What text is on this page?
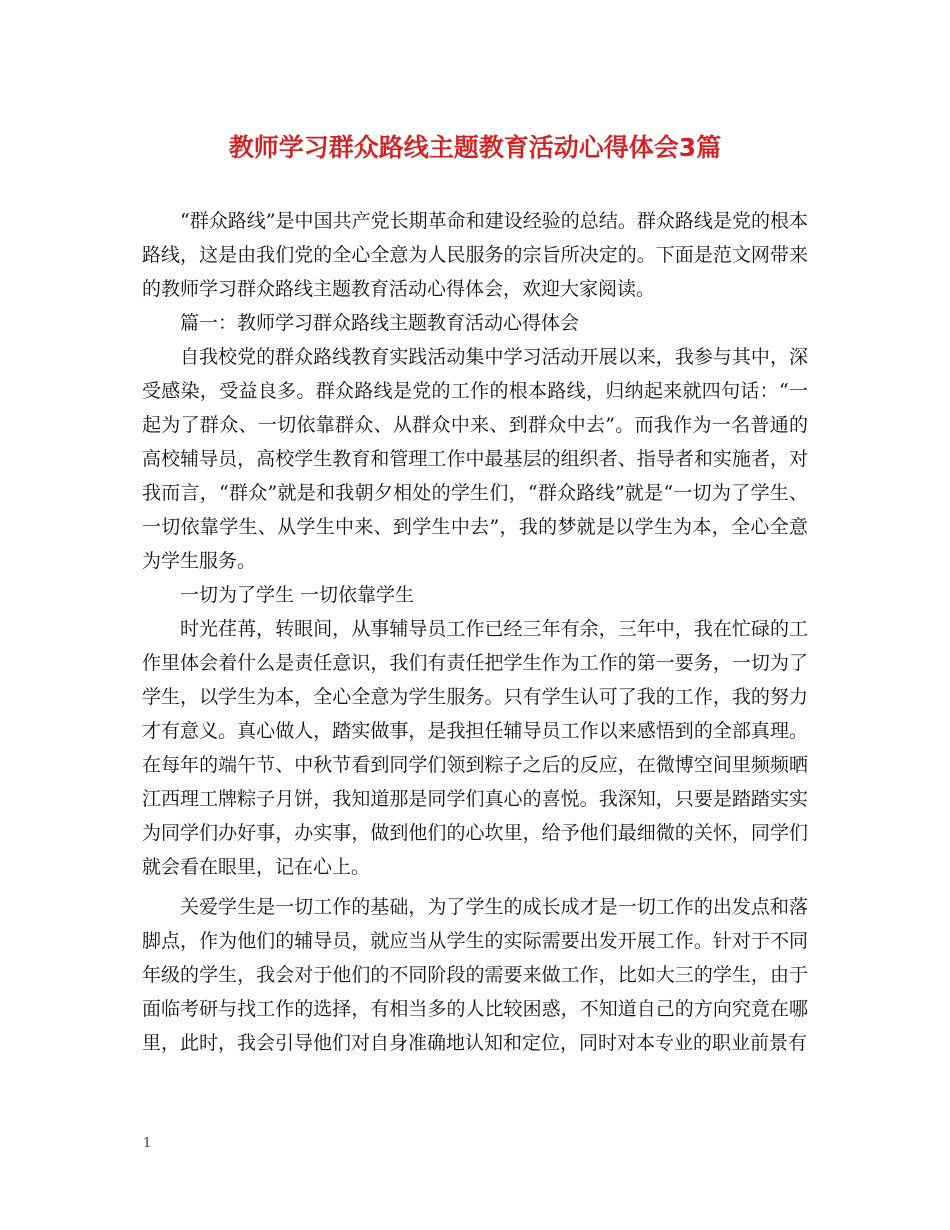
教师学习群众路线主题教育活动心得体会3篇

“群众路线”是中国共产党长期革命和建设经验的总结。群众路线是党的根本路线，这是由我们党的全心全意为人民服务的宗旨所决定的。下面是范文网带来的教师学习群众路线主题教育活动心得体会，欢迎大家阅读。

篇一：教师学习群众路线主题教育活动心得体会

自我校党的群众路线教育实践活动集中学习活动开展以来，我参与其中，深受感染，受益良多。群众路线是党的工作的根本路线，归纳起来就四句话：“一起为了群众、一切依靠群众、从群众中来、到群众中去”。而我作为一名普通的高校辅导员，高校学生教育和管理工作中最基层的组织者、指导者和实施者，对我而言，“群众”就是和我朝夕相处的学生们，“群众路线”就是“一切为了学生、一切依靠学生、从学生中来、到学生中去”，我的梦就是以学生为本，全心全意为学生服务。

一切为了学生 一切依靠学生

时光荏苒，转眼间，从事辅导员工作已经三年有余，三年中，我在忙碌的工作里体会着什么是责任意识，我们有责任把学生作为工作的第一要务，一切为了学生，以学生为本，全心全意为学生服务。只有学生认可了我的工作，我的努力才有意义。真心做人，踏实做事，是我担任辅导员工作以来感悟到的全部真理。在每年的端午节、中秋节看到同学们领到粽子之后的反应，在微博空间里频频晒江西理工牌粽子月饼，我知道那是同学们真心的喜悦。我深知，只要是踏踏实实为同学们办好事，办实事，做到他们的心坎里，给予他们最细微的关怀，同学们就会看在眼里，记在心上。

关爱学生是一切工作的基础，为了学生的成长成才是一切工作的出发点和落脚点，作为他们的辅导员，就应当从学生的实际需要出发开展工作。针对于不同年级的学生，我会对于他们的不同阶段的需要来做工作，比如大三的学生，由于面临考研与找工作的选择，有相当多的人比较困惑，不知道自己的方向究竟在哪里，此时，我会引导他们对自身准确地认知和定位，同时对本专业的职业前景有

1
